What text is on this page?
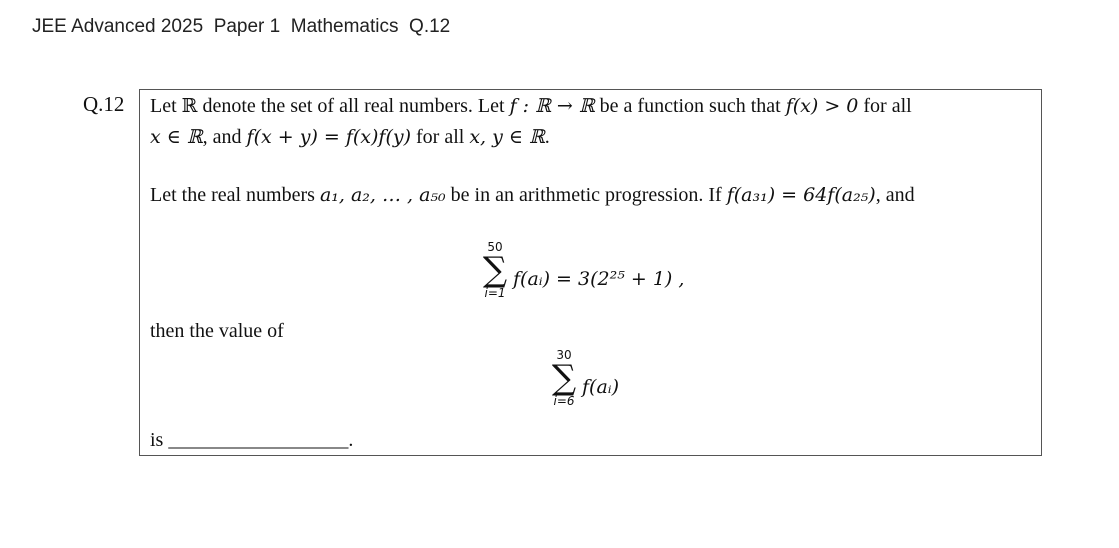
JEE Advanced 2025  Paper 1  Mathematics  Q.12
Q.12 Let ℝ denote the set of all real numbers. Let f : ℝ → ℝ be a function such that f(x) > 0 for all
x ∈ ℝ, and f(x + y) = f(x)f(y) for all x, y ∈ ℝ.
Let the real numbers a₁, a₂, … , a₅₀ be in an arithmetic progression. If f(a₃₁) = 64f(a₂₅), and
50
∑
i=1
f(aᵢ) = 3(2²⁵ + 1) ,
then the value of
30
∑
i=6
f(aᵢ)
is __________________.
